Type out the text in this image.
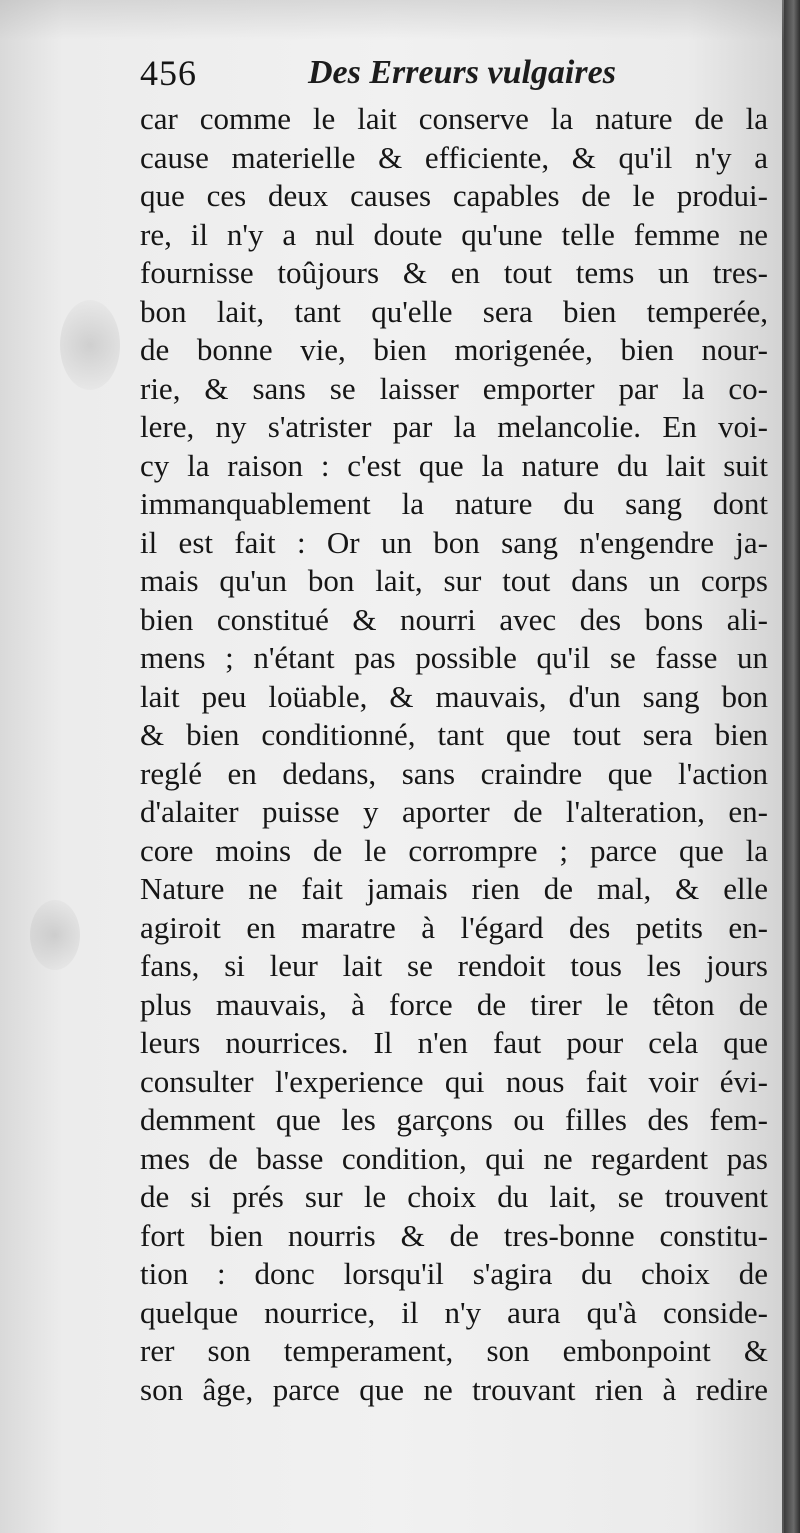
456	Des Erreurs vulgaires
car comme le lait conserve la nature de la
cause materielle & efficiente, & qu'il n'y a
que ces deux causes capables de le produi-
re, il n'y a nul doute qu'une telle femme ne
fournisse toûjours & en tout tems un tres-
bon lait, tant qu'elle sera bien temperée,
de bonne vie, bien morigenée, bien nour-
rie, & sans se laisser emporter par la co-
lere, ny s'atrister par la melancolie. En voi-
cy la raison : c'est que la nature du lait suit
immanquablement la nature du sang dont
il est fait : Or un bon sang n'engendre ja-
mais qu'un bon lait, sur tout dans un corps
bien constitué & nourri avec des bons ali-
mens ; n'étant pas possible qu'il se fasse un
lait peu loüable, & mauvais, d'un sang bon
& bien conditionné, tant que tout sera bien
reglé en dedans, sans craindre que l'action
d'alaiter puisse y aporter de l'alteration, en-
core moins de le corrompre ; parce que la
Nature ne fait jamais rien de mal, & elle
agiroit en maratre à l'égard des petits en-
fans, si leur lait se rendoit tous les jours
plus mauvais, à force de tirer le têton de
leurs nourrices. Il n'en faut pour cela que
consulter l'experience qui nous fait voir évi-
demment que les garçons ou filles des fem-
mes de basse condition, qui ne regardent pas
de si prés sur le choix du lait, se trouvent
fort bien nourris & de tres-bonne constitu-
tion : donc lorsqu'il s'agira du choix de
quelque nourrice, il n'y aura qu'à conside-
rer son temperament, son embonpoint &
son âge, parce que ne trouvant rien à redire
